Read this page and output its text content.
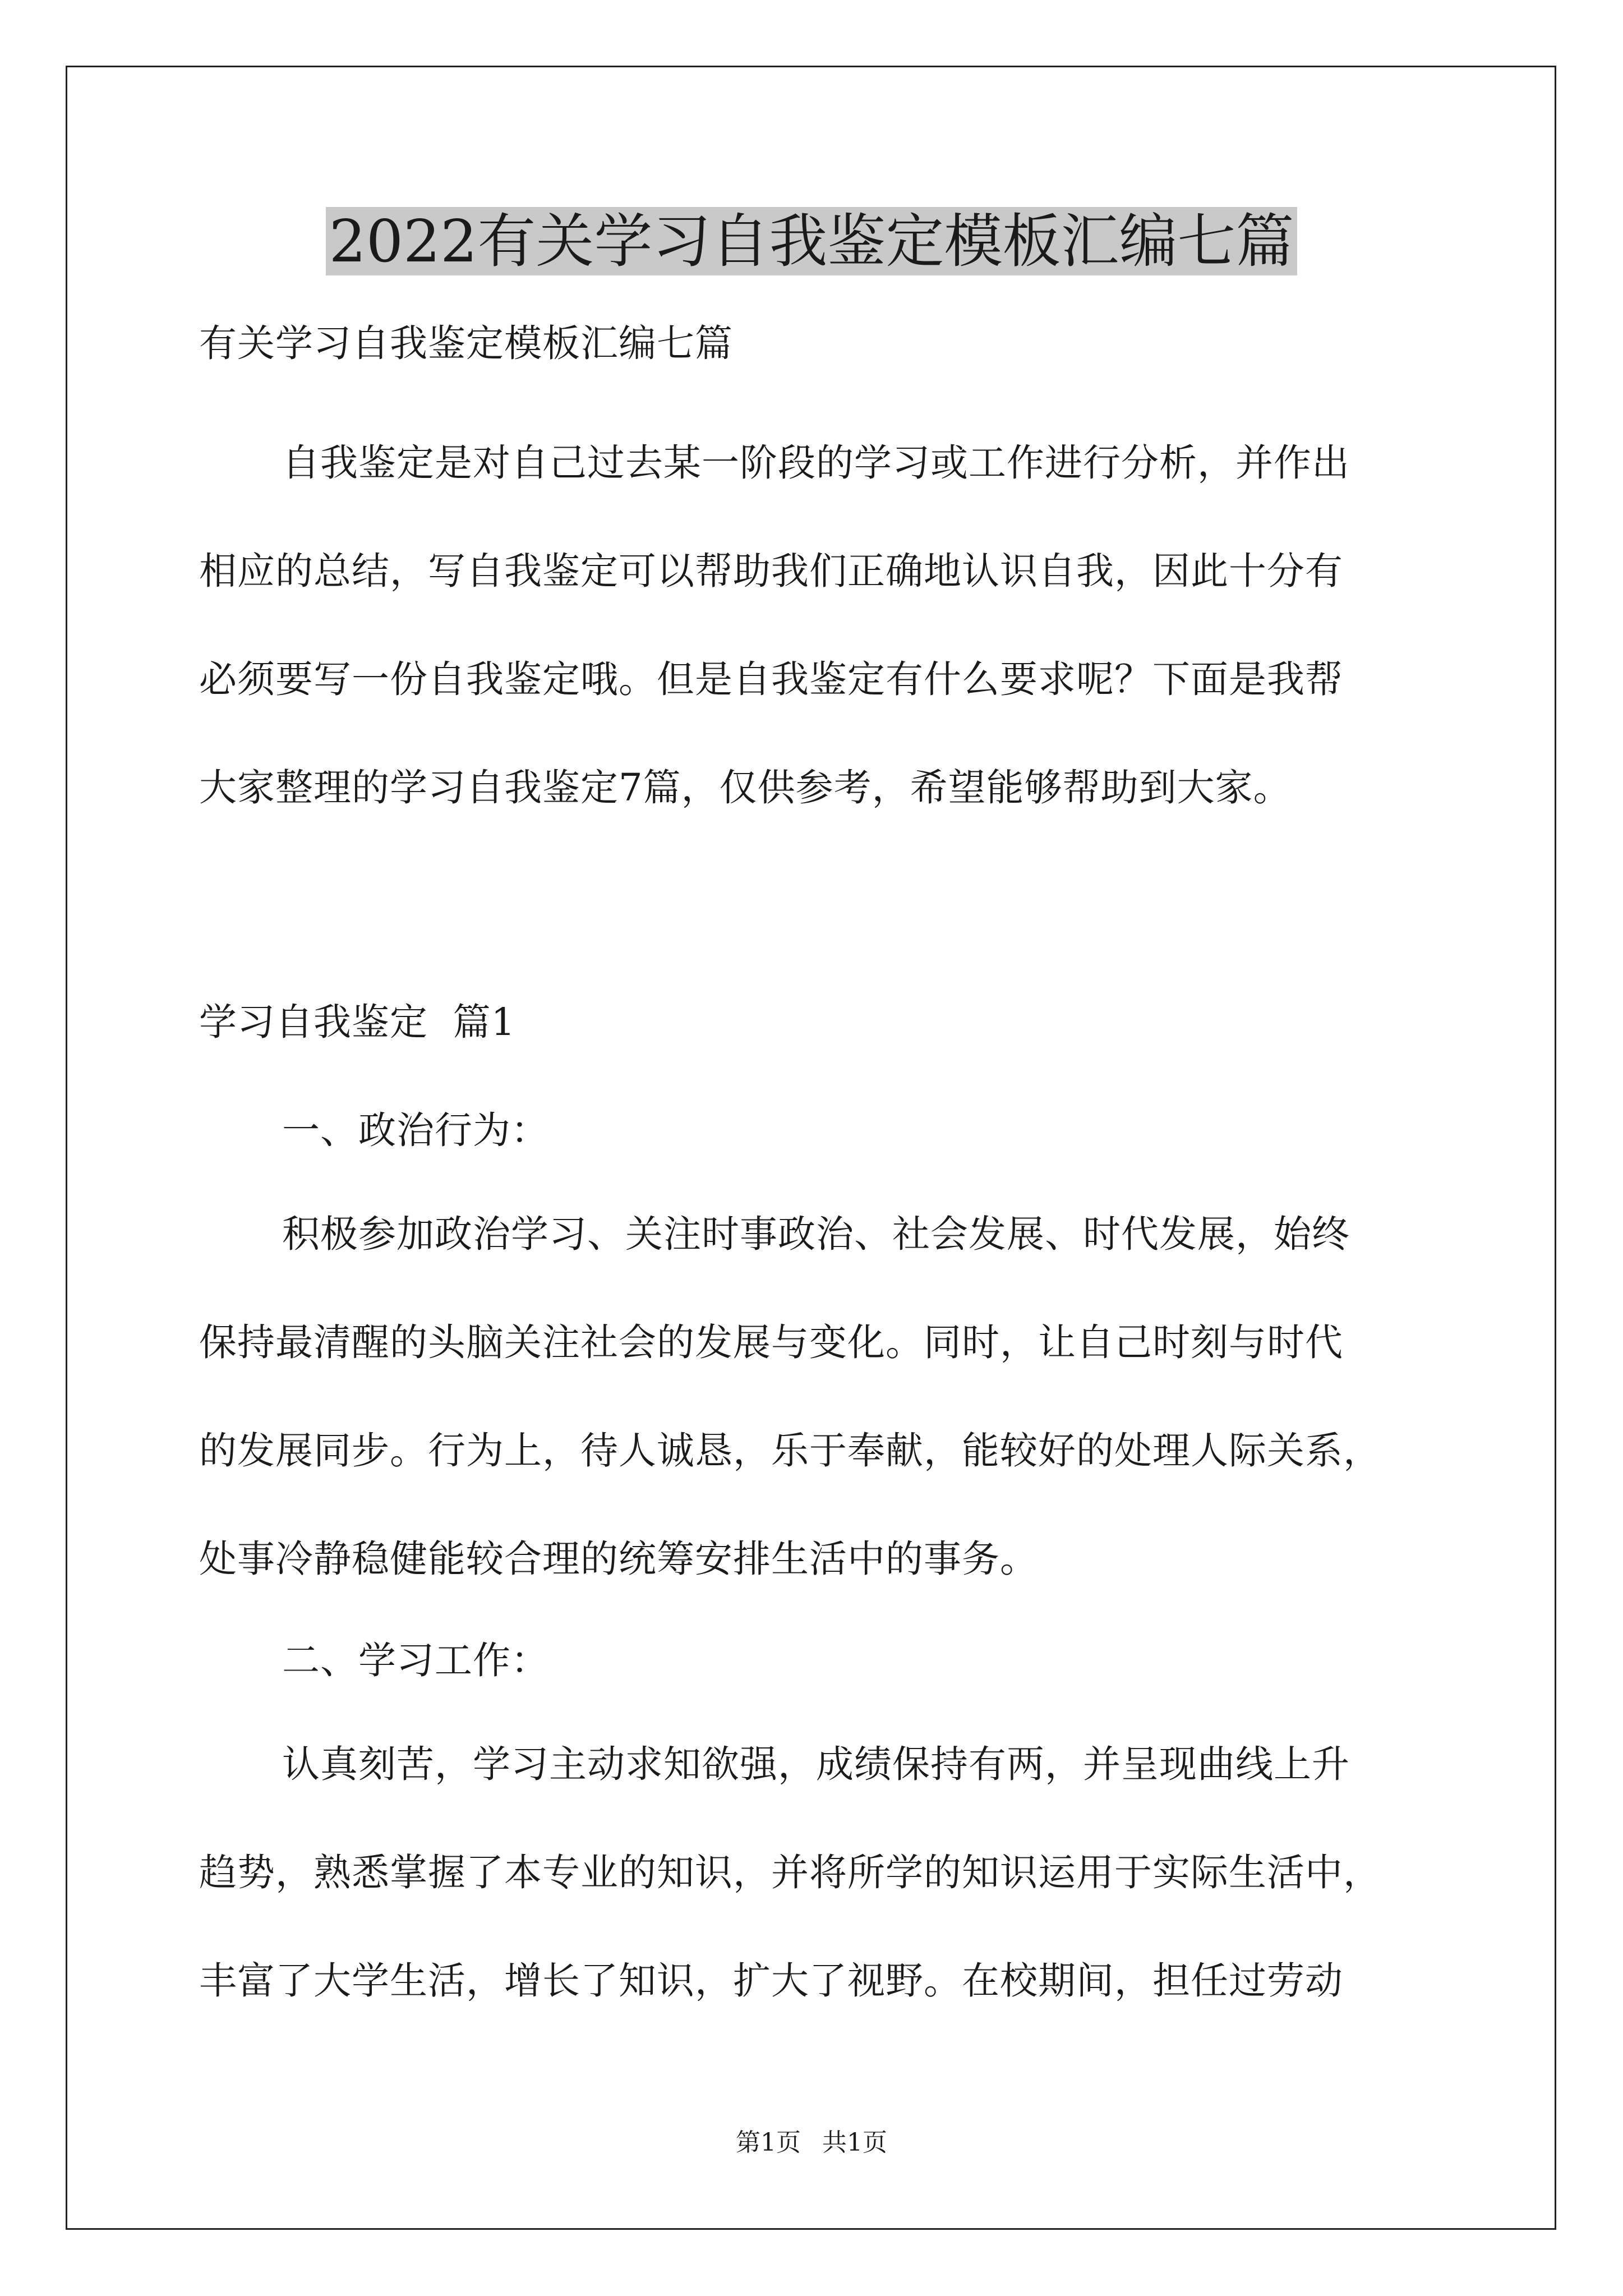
2022有关学习自我鉴定模板汇编七篇
有关学习自我鉴定模板汇编七篇
自我鉴定是对自己过去某一阶段的学习或工作进行分析，并作出
相应的总结，写自我鉴定可以帮助我们正确地认识自我，因此十分有
必须要写一份自我鉴定哦。但是自我鉴定有什么要求呢？下面是我帮
大家整理的学习自我鉴定7篇，仅供参考，希望能够帮助到大家。
学习自我鉴定  篇1
一、政治行为：
积极参加政治学习、关注时事政治、社会发展、时代发展，始终
保持最清醒的头脑关注社会的发展与变化。同时，让自己时刻与时代
的发展同步。行为上，待人诚恳，乐于奉献，能较好的处理人际关系，
处事冷静稳健能较合理的统筹安排生活中的事务。
二、学习工作：
认真刻苦，学习主动求知欲强，成绩保持有两，并呈现曲线上升
趋势，熟悉掌握了本专业的知识，并将所学的知识运用于实际生活中，
丰富了大学生活，增长了知识，扩大了视野。在校期间，担任过劳动
第1页 共1页
